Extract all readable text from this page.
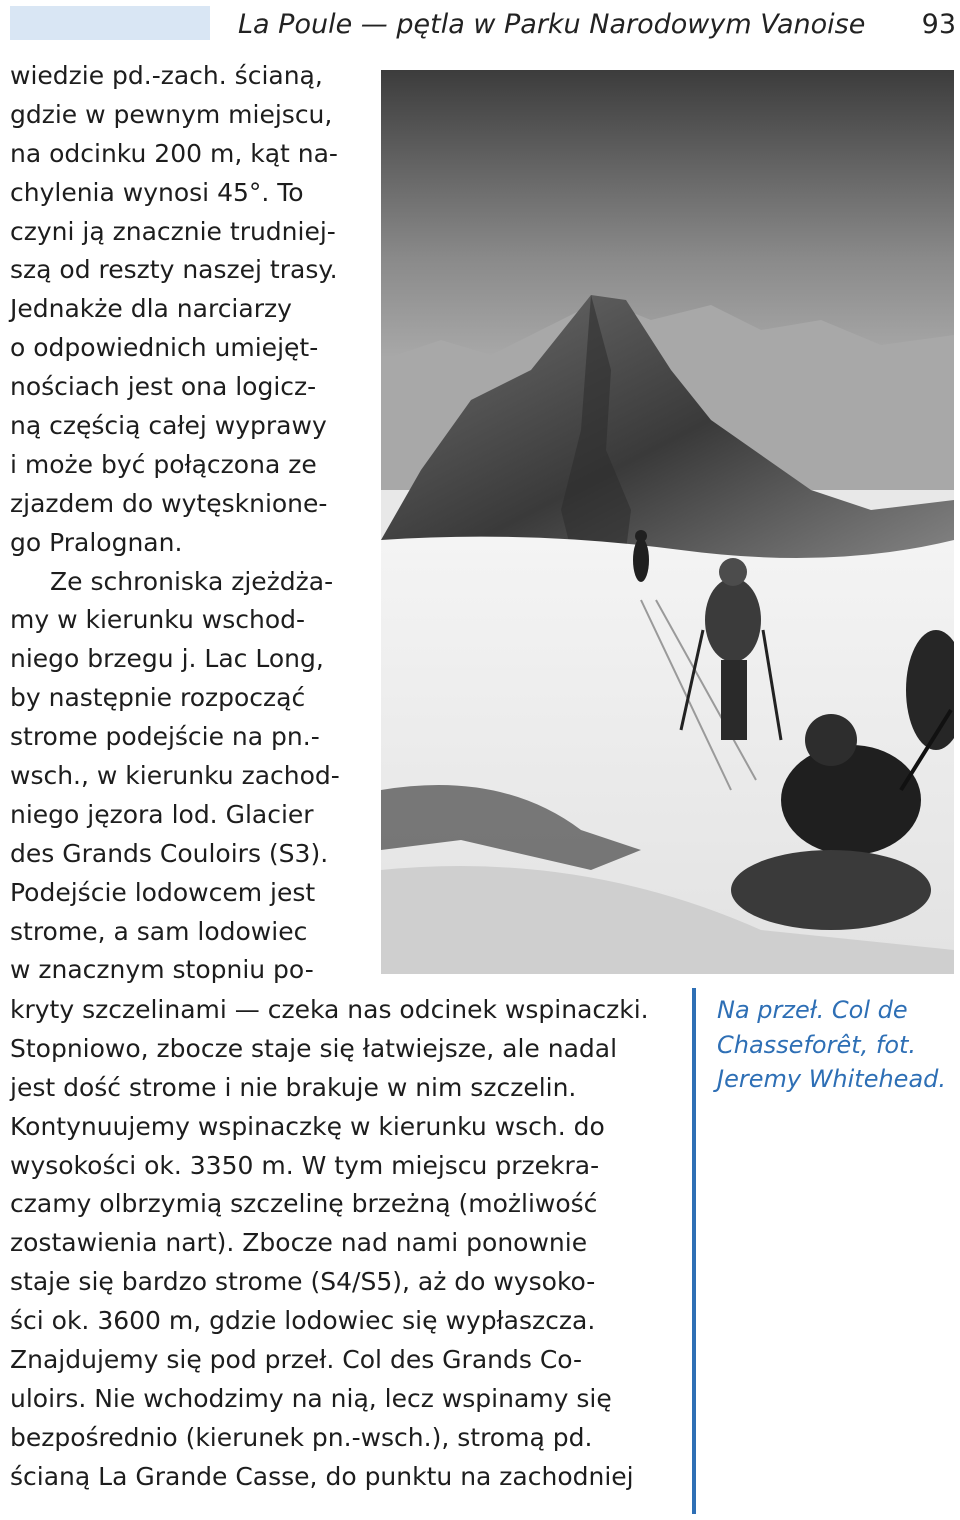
La Poule — pętla w Parku Narodowym Vanoise	93
wiedzie pd.-zach. ścianą,
gdzie w pewnym miejscu,
na odcinku 200 m, kąt na-
chylenia wynosi 45°. To
czyni ją znacznie trudniej-
szą od reszty naszej trasy.
Jednakże dla narciarzy
o odpowiednich umiejęt-
nościach jest ona logicz-
ną częścią całej wyprawy
i może być połączona ze
zjazdem do wytęsknione-
go Pralognan.
Ze schroniska zjeżdża-
my w kierunku wschod-
niego brzegu j. Lac Long,
by następnie rozpocząć
strome podejście na pn.-
wsch., w kierunku zachod-
niego jęzora lod. Glacier
des Grands Couloirs (S3).
Podejście lodowcem jest
strome, a sam lodowiec
w znacznym stopniu po-
kryty szczelinami — czeka nas odcinek wspinaczki.
Stopniowo, zbocze staje się łatwiejsze, ale nadal
jest dość strome i nie brakuje w nim szczelin.
Kontynuujemy wspinaczkę w kierunku wsch. do
wysokości ok. 3350 m. W tym miejscu przekra-
czamy olbrzymią szczelinę brzeżną (możliwość
zostawienia nart). Zbocze nad nami ponownie
staje się bardzo strome (S4/S5), aż do wysoko-
ści ok. 3600 m, gdzie lodowiec się wypłaszcza.
Znajdujemy się pod przeł. Col des Grands Co-
uloirs. Nie wchodzimy na nią, lecz wspinamy się
bezpośrednio (kierunek pn.-wsch.), stromą pd.
ścianą La Grande Casse, do punktu na zachodniej
Na przeł. Col de
Chasseforêt, fot.
Jeremy Whitehead.
